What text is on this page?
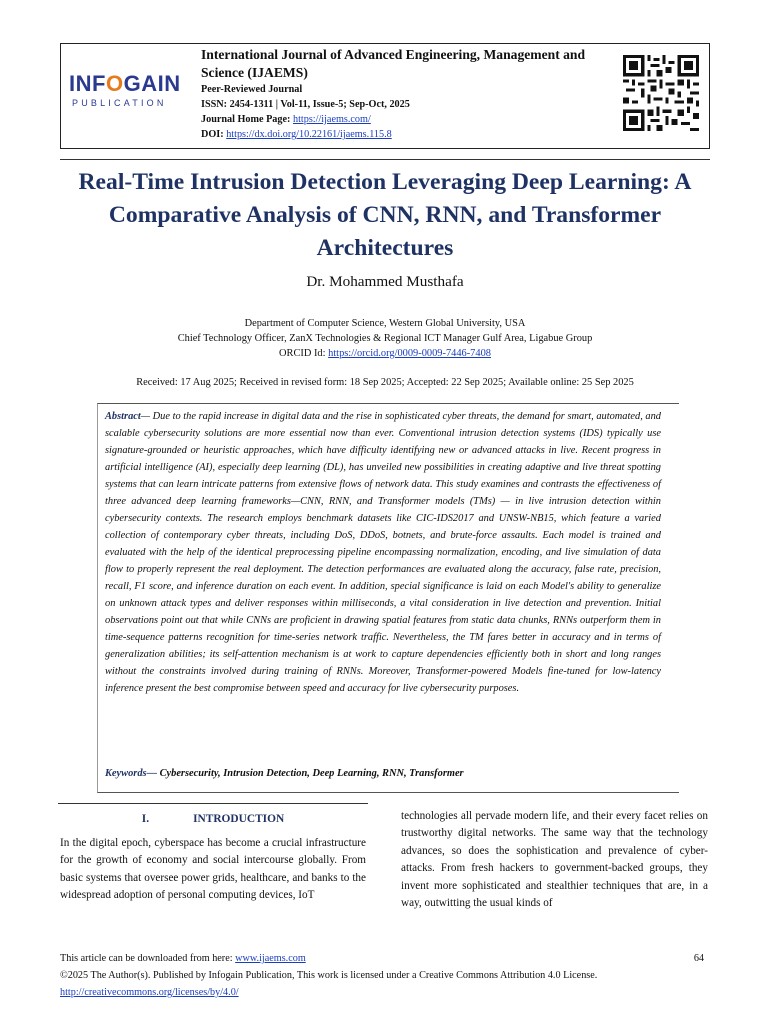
INFOGAIN
PUBLICATION
International Journal of Advanced Engineering, Management and Science (IJAEMS)
Peer-Reviewed Journal
ISSN: 2454-1311 | Vol-11, Issue-5; Sep-Oct, 2025
Journal Home Page: https://ijaems.com/
DOI: https://dx.doi.org/10.22161/ijaems.115.8
Real-Time Intrusion Detection Leveraging Deep Learning: A Comparative Analysis of CNN, RNN, and Transformer Architectures
Dr. Mohammed Musthafa
Department of Computer Science, Western Global University, USA
Chief Technology Officer, ZanX Technologies & Regional ICT Manager Gulf Area, Ligabue Group
ORCID Id: https://orcid.org/0009-0009-7446-7408
Received: 17 Aug 2025; Received in revised form: 18 Sep 2025; Accepted: 22 Sep 2025; Available online: 25 Sep 2025

Abstract— Due to the rapid increase in digital data and the rise in sophisticated cyber threats, the demand for smart, automated, and scalable cybersecurity solutions are more essential now than ever. Conventional intrusion detection systems (IDS) typically use signature-grounded or heuristic approaches, which have difficulty identifying new or advanced attacks in live. Recent progress in artificial intelligence (AI), especially deep learning (DL), has unveiled new possibilities in creating adaptive and live threat spotting systems that can learn intricate patterns from extensive flows of network data. This study examines and contrasts the effectiveness of three advanced deep learning frameworks—CNN, RNN, and Transformer models (TMs) — in live intrusion detection within cybersecurity contexts. The research employs benchmark datasets like CIC-IDS2017 and UNSW-NB15, which feature a varied collection of contemporary cyber threats, including DoS, DDoS, botnets, and brute-force assaults. Each model is trained and evaluated with the help of the identical preprocessing pipeline encompassing normalization, encoding, and live simulation of data flow to properly represent the real deployment. The detection performances are evaluated along the accuracy, false rate, precision, recall, F1 score, and inference duration on each event. In addition, special significance is laid on each Model's ability to generalize on unknown attack types and deliver responses within milliseconds, a vital consideration in live detection and prevention. Initial observations point out that while CNNs are proficient in drawing spatial features from static data chunks, RNNs outperform them in time-sequence patterns recognition for time-series network traffic. Nevertheless, the TM fares better in accuracy and in terms of generalization abilities; its self-attention mechanism is at work to capture dependencies efficiently both in short and long ranges without the constraints involved during training of RNNs. Moreover, Transformer-powered Models fine-tuned for low-latency inference present the best compromise between speed and accuracy for live cybersecurity purposes.

Keywords— Cybersecurity, Intrusion Detection, Deep Learning, RNN, Transformer

I.	INTRODUCTION

In the digital epoch, cyberspace has become a crucial infrastructure for the growth of economy and social intercourse globally. From basic systems that oversee power grids, healthcare, and banks to the widespread adoption of personal computing devices, IoT

technologies all pervade modern life, and their every facet relies on trustworthy digital networks. The same way that the technology advances, so does the sophistication and prevalence of cyber-attacks. From fresh hackers to government-backed groups, they invent more sophisticated and stealthier techniques that are, in a way, outwitting the usual kinds of

This article can be downloaded from here: www.ijaems.com	64
©2025 The Author(s). Published by Infogain Publication, This work is licensed under a Creative Commons Attribution 4.0 License. http://creativecommons.org/licenses/by/4.0/
